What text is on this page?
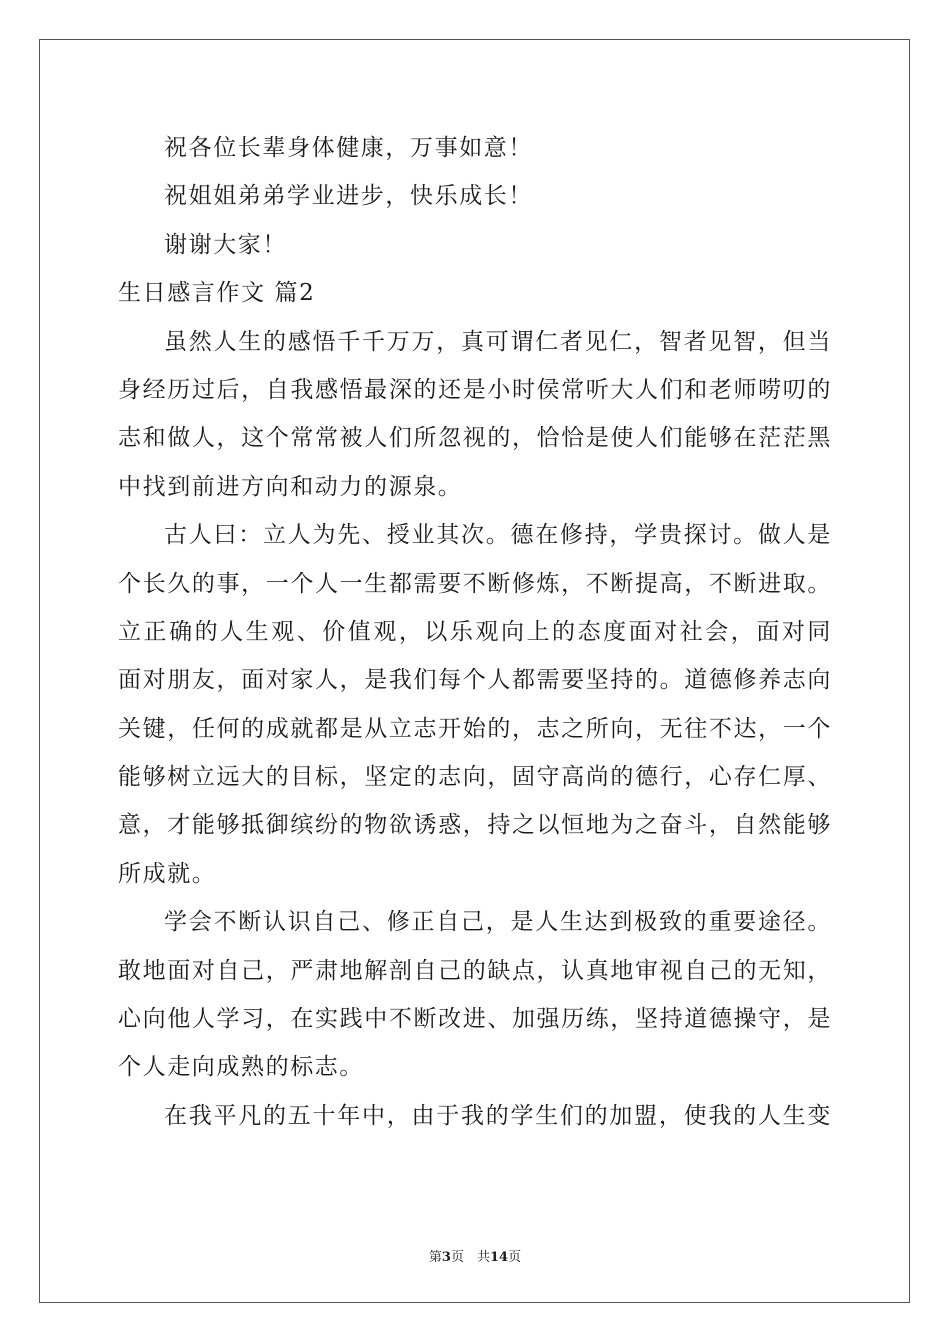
祝各位长辈身体健康，万事如意！
祝姐姐弟弟学业进步，快乐成长！
谢谢大家！
生日感言作文 篇2
虽然人生的感悟千千万万，真可谓仁者见仁，智者见智，但当
身经历过后，自我感悟最深的还是小时侯常听大人们和老师唠叨的
志和做人，这个常常被人们所忽视的，恰恰是使人们能够在茫茫黑
中找到前进方向和动力的源泉。
古人曰：立人为先、授业其次。德在修持，学贵探讨。做人是
个长久的事，一个人一生都需要不断修炼，不断提高，不断进取。
立正确的人生观、价值观，以乐观向上的态度面对社会，面对同
面对朋友，面对家人，是我们每个人都需要坚持的。道德修养志向
关键，任何的成就都是从立志开始的，志之所向，无往不达，一个
能够树立远大的目标，坚定的志向，固守高尚的德行，心存仁厚、
意，才能够抵御缤纷的物欲诱惑，持之以恒地为之奋斗，自然能够
所成就。
学会不断认识自己、修正自己，是人生达到极致的重要途径。
敢地面对自己，严肃地解剖自己的缺点，认真地审视自己的无知，
心向他人学习，在实践中不断改进、加强历练，坚持道德操守，是
个人走向成熟的标志。
在我平凡的五十年中，由于我的学生们的加盟，使我的人生变
第3页　共14页
